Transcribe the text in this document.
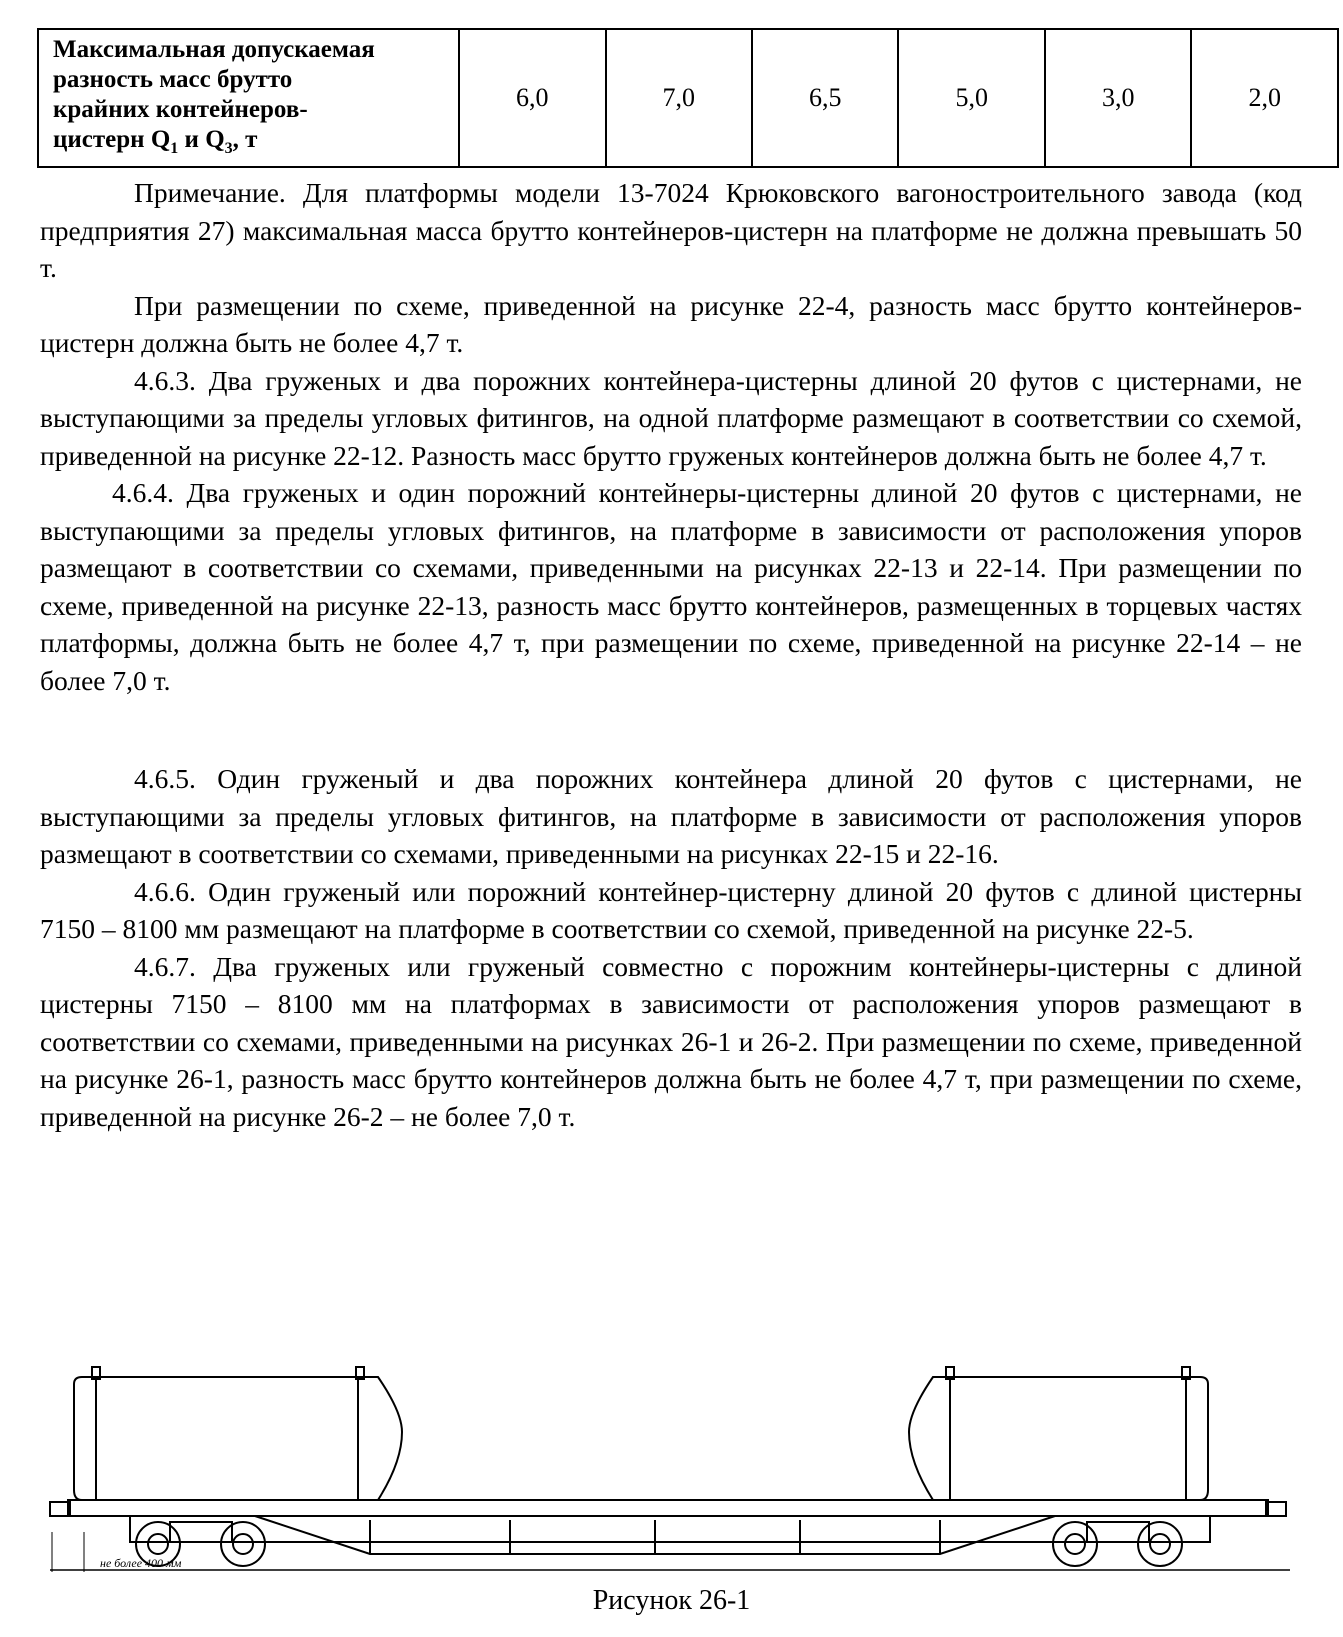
Максимальная допускаемая
разность масс брутто
крайних контейнеров-
цистерн $Q_1$ и $Q_3$, т	6,0	7,0	6,5	5,0	3,0	2,0

Примечание. Для платформы модели 13-7024 Крюковского вагоностроительного завода (код предприятия 27) максимальная масса брутто контейнеров-цистерн на платформе не должна превышать 50 т.

При размещении по схеме, приведенной на рисунке 22-4, разность масс брутто контейнеров-цистерн должна быть не более 4,7 т.

4.6.3. Два груженых и два порожних контейнера-цистерны длиной 20 футов с цистернами, не выступающими за пределы угловых фитингов, на одной платформе размещают в соответствии со схемой, приведенной на рисунке 22-12. Разность масс брутто груженых контейнеров должна быть не более 4,7 т.

4.6.4. Два груженых и один порожний контейнеры-цистерны длиной 20 футов с цистернами, не выступающими за пределы угловых фитингов, на платформе в зависимости от расположения упоров размещают в соответствии со схемами, приведенными на рисунках 22-13 и 22-14. При размещении по схеме, приведенной на рисунке 22-13, разность масс брутто контейнеров, размещенных в торцевых частях платформы, должна быть не более 4,7 т, при размещении по схеме, приведенной на рисунке 22-14 – не более 7,0 т.

4.6.5. Один груженый и два порожних контейнера длиной 20 футов с цистернами, не выступающими за пределы угловых фитингов, на платформе в зависимости от расположения упоров размещают в соответствии со схемами, приведенными на рисунках 22-15 и 22-16.

4.6.6. Один груженый или порожний контейнер-цистерну длиной 20 футов с длиной цистерны 7150 – 8100 мм размещают на платформе в соответствии со схемой, приведенной на рисунке 22-5.

4.6.7. Два груженых или груженый совместно с порожним контейнеры-цистерны с длиной цистерны 7150 – 8100 мм на платформах в зависимости от расположения упоров размещают в соответствии со схемами, приведенными на рисунках 26-1 и 26-2. При размещении по схеме, приведенной на рисунке 26-1, разность масс брутто контейнеров должна быть не более 4,7 т, при размещении по схеме, приведенной на рисунке 26-2 – не более 7,0 т.

не более 400 мм
Рисунок 26-1
